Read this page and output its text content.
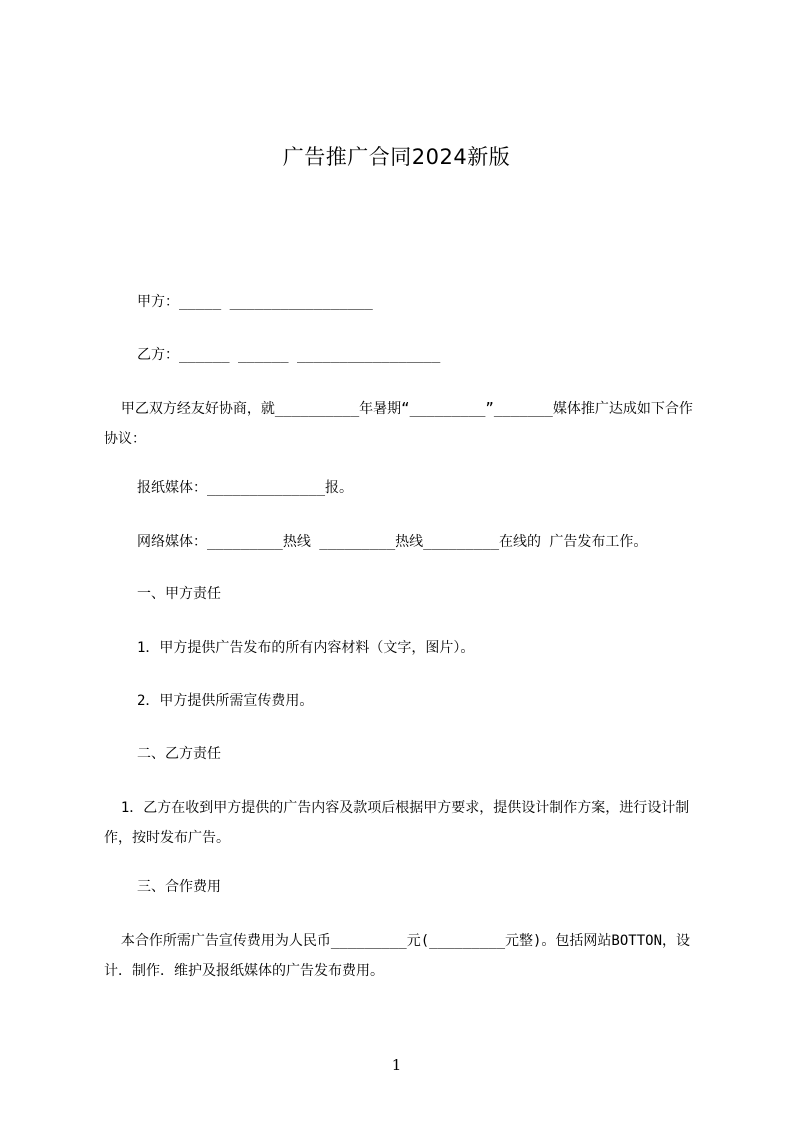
广告推广合同2024新版
甲方：_____ _________________
乙方：______ ______ _________________
甲乙双方经友好协商，就__________年暑期“_________”_______媒体推广达成如下合作协议：
报纸媒体：______________报。
网络媒体：_________热线 _________热线_________在线的 广告发布工作。
一、甲方责任
1．甲方提供广告发布的所有内容材料（文字，图片）。
2．甲方提供所需宣传费用。
二、乙方责任
1．乙方在收到甲方提供的广告内容及款项后根据甲方要求，提供设计制作方案，进行设计制作，按时发布广告。
三、合作费用
本合作所需广告宣传费用为人民币_________元(_________元整)。包括网站BOTTON，设计．制作．维护及报纸媒体的广告发布费用。
1
